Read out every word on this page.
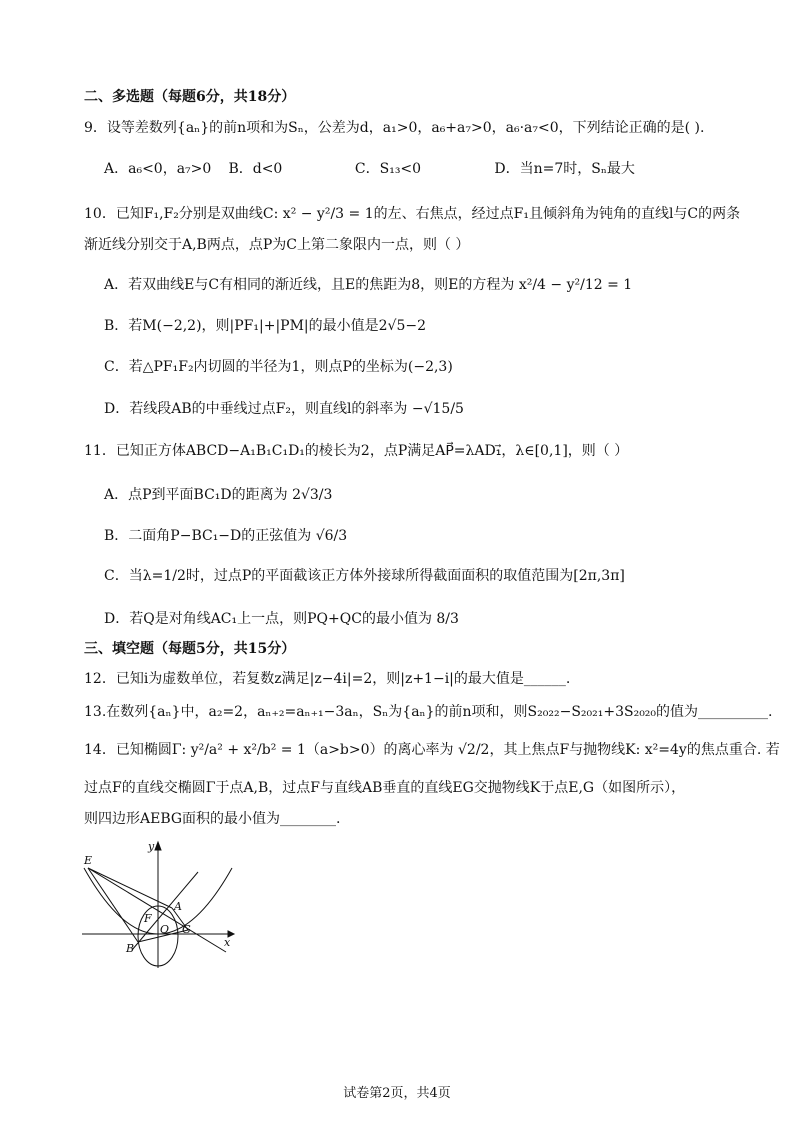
二、多选题（每题6分，共18分）
9．设等差数列{aₙ}的前n项和为Sₙ，公差为d，a₁>0，a₆+a₇>0，a₆·a₇<0，下列结论正确的是( ).
A．a₆<0，a₇>0 B．d<0	C．S₁₃<0	D．当n=7时，Sₙ最大
10．已知F₁,F₂分别是双曲线C: x² − y²/3 = 1的左、右焦点，经过点F₁且倾斜角为钝角的直线l与C的两条
渐近线分别交于A,B两点，点P为C上第二象限内一点，则（ ）
A．若双曲线E与C有相同的渐近线，且E的焦距为8，则E的方程为 x²/4 − y²/12 = 1
B．若M(−2,2)，则|PF₁|+|PM|的最小值是2√5−2
C．若△PF₁F₂内切圆的半径为1，则点P的坐标为(−2,3)
D．若线段AB的中垂线过点F₂，则直线l的斜率为 −√15/5
11．已知正方体ABCD−A₁B₁C₁D₁的棱长为2，点P满足AP⃗=λAD₁⃗，λ∈[0,1]，则（ ）
A．点P到平面BC₁D的距离为 2√3/3
B．二面角P−BC₁−D的正弦值为 √6/3
C．当λ=1/2时，过点P的平面截该正方体外接球所得截面面积的取值范围为[2π,3π]
D．若Q是对角线AC₁上一点，则PQ+QC的最小值为 8/3
三、填空题（每题5分，共15分）
12．已知i为虚数单位，若复数z满足|z−4i|=2，则|z+1−i|的最大值是______.
13.在数列{aₙ}中，a₂=2，aₙ₊₂=aₙ₊₁−3aₙ，Sₙ为{aₙ}的前n项和，则S₂₀₂₂−S₂₀₂₁+3S₂₀₂₀的值为__________.
14．已知椭圆Γ: y²/a² + x²/b² = 1（a>b>0）的离心率为 √2/2，其上焦点F与抛物线K: x²=4y的焦点重合. 若
过点F的直线交椭圆Γ于点A,B，过点F与直线AB垂直的直线EG交抛物线K于点E,G（如图所示），
则四边形AEBG面积的最小值为________.
E
y
A
F
O G
B	x
试卷第2页，共4页
